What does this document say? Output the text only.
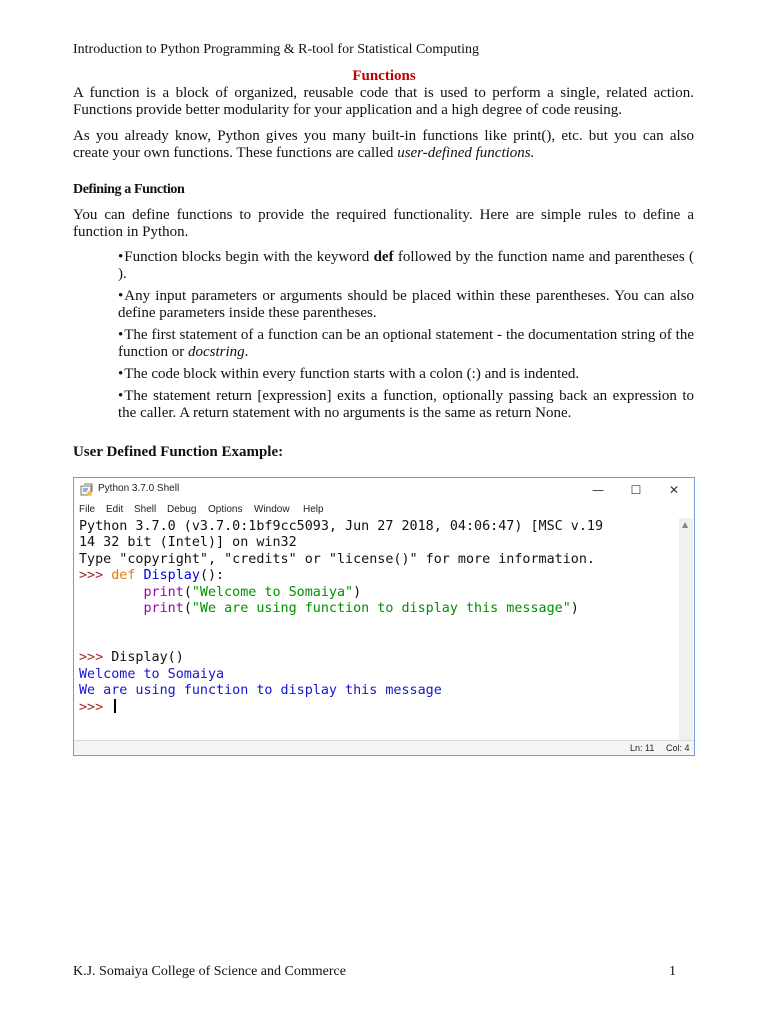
Introduction to Python Programming & R-tool for Statistical Computing
Functions
A function is a block of organized, reusable code that is used to perform a single, related action. Functions provide better modularity for your application and a high degree of code reusing.
As you already know, Python gives you many built-in functions like print(), etc. but you can also create your own functions. These functions are called user-defined functions.
Defining a Function
You can define functions to provide the required functionality. Here are simple rules to define a function in Python.
•Function blocks begin with the keyword def followed by the function name and parentheses ( ).
•Any input parameters or arguments should be placed within these parentheses. You can also define parameters inside these parentheses.
•The first statement of a function can be an optional statement - the documentation string of the function or docstring.
•The code block within every function starts with a colon (:) and is indented.
•The statement return [expression] exits a function, optionally passing back an expression to the caller. A return statement with no arguments is the same as return None.
User Defined Function Example:
Python 3.7.0 Shell	—	☐	✕
File Edit Shell Debug Options Window Help
Python 3.7.0 (v3.7.0:1bf9cc5093, Jun 27 2018, 04:06:47) [MSC v.19
14 32 bit (Intel)] on win32
Type "copyright", "credits" or "license()" for more information.
>>> def Display():
print("Welcome to Somaiya")
print("We are using function to display this message")
>>> Display()
Welcome to Somaiya
We are using function to display this message
>>>
▲
Ln: 11 Col: 4
K.J. Somaiya College of Science and Commerce	1
